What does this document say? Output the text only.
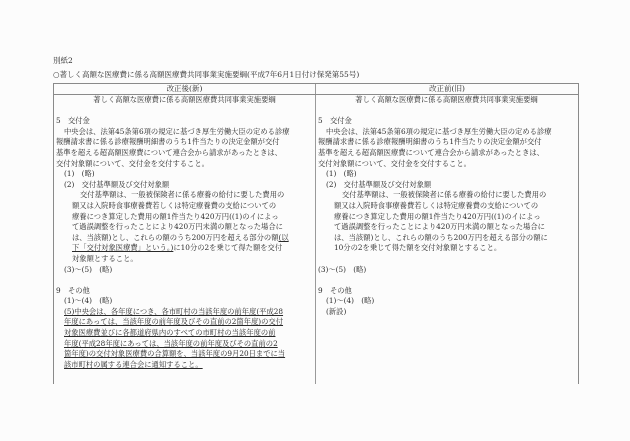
別紙2
○著しく高額な医療費に係る高額医療費共同事業実施要綱(平成7年6月1日付け保発第55号)
改正後(新)	改正前(旧)

著しく高額な医療費に係る高額医療費共同事業実施要綱

5　交付金

中央会は、法第45条第6項の規定に基づき厚生労働大臣の定める診療

報酬請求書に係る診療報酬明細書のうち1件当たりの決定金額が交付

基準を超える超高額医療費について連合会から請求があったときは、

交付対象額について、交付金を交付すること。

(1)　(略)

(2)　交付基準額及び交付対象額

交付基準額は、一般被保険者に係る療養の給付に要した費用の

額又は入院時食事療養費若しくは特定療養費の支給についての

療養につき算定した費用の額1件当たり420万円((1)のイによっ

て過誤調整を行ったことにより420万円未満の額となった場合に

は、当該額)とし、これらの額のうち200万円を超える部分の額(以

下「交付対象医療費」という。)に10分の2を乗じて得た額を交付

対象額とすること。

(3)～(5)　(略)

9　その他

(1)～(4)　(略)

(5)中央会は、各年度につき、各市町村の当該年度の前年度(平成28

年度にあっては、当該年度の前年度及びその直前の2箇年度)の交付

対象医療費並びに各都道府県内のすべての市町村の当該年度の前

年度(平成28年度にあっては、当該年度の前年度及びその直前の2

箇年度)の交付対象医療費の合算額を、当該年度の9月20日までに当

該市町村の属する連合会に通知すること。

著しく高額な医療費に係る高額医療費共同事業実施要綱

5　交付金

中央会は、法第45条第6項の規定に基づき厚生労働大臣の定める診療

報酬請求書に係る診療報酬明細書のうち1件当たりの決定金額が交付

基準を超える超高額医療費について連合会から請求があったときは、

交付対象額について、交付金を交付すること。

(1)　(略)

(2)　交付基準額及び交付対象額

交付基準額は、一般被保険者に係る療養の給付に要した費用の

額又は入院時食事療養費若しくは特定療養費の支給についての

療養につき算定した費用の額1件当たり420万円((1)のイによっ

て過誤調整を行ったことにより420万円未満の額となった場合に

は、当該額)とし、これらの額のうち200万円を超える部分の額に

10分の2を乗じて得た額を交付対象額とすること。

(3)～(5)　(略)

9　その他

(1)～(4)　(略)

(新設)
